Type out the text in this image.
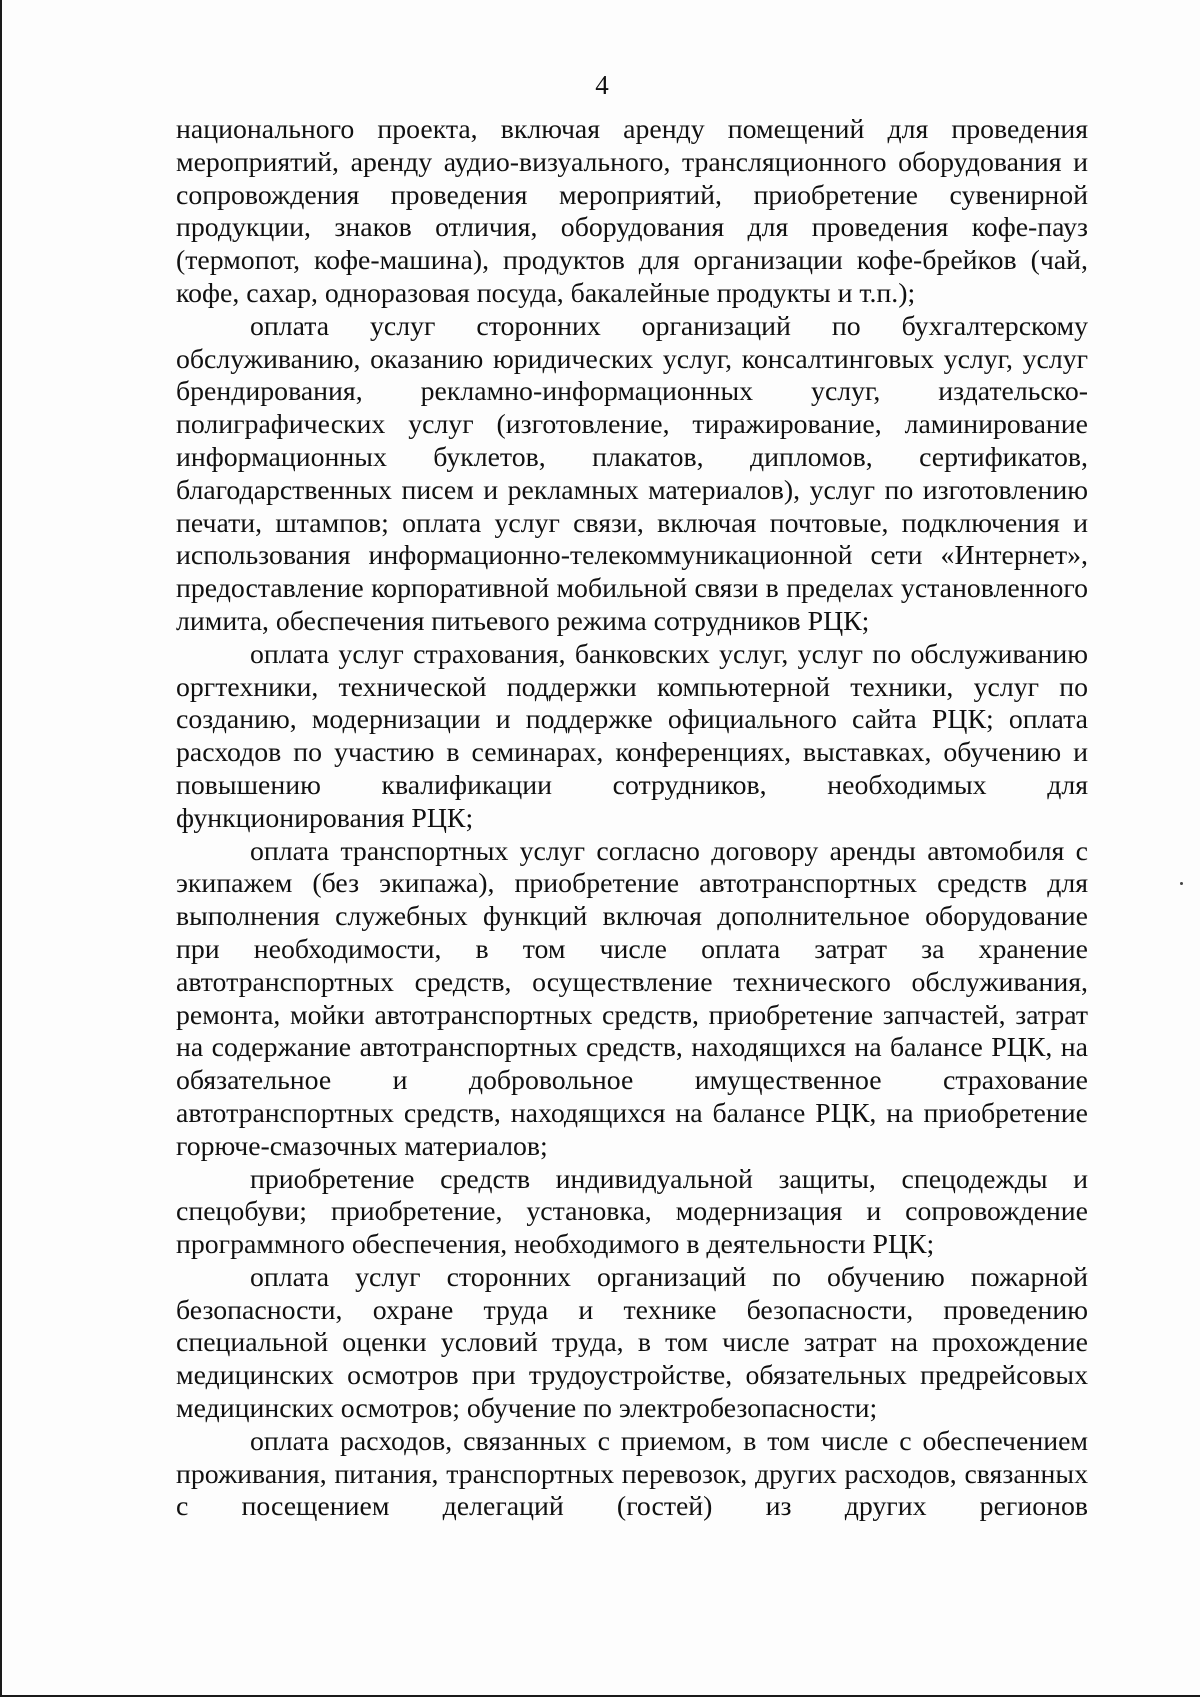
4

национального проекта, включая аренду помещений для проведения мероприятий, аренду аудио-визуального, трансляционного оборудования и сопровождения проведения мероприятий, приобретение сувенирной продукции, знаков отличия, оборудования для проведения кофе-пауз (термопот, кофе-машина), продуктов для организации кофе-брейков (чай, кофе, сахар, одноразовая посуда, бакалейные продукты и т.п.);

оплата услуг сторонних организаций по бухгалтерскому обслуживанию, оказанию юридических услуг, консалтинговых услуг, услуг брендирования, рекламно-информационных услуг, издательско-полиграфических услуг (изготовление, тиражирование, ламинирование информационных буклетов, плакатов, дипломов, сертификатов, благодарственных писем и рекламных материалов), услуг по изготовлению печати, штампов; оплата услуг связи, включая почтовые, подключения и использования информационно-телекоммуникационной сети «Интернет», предоставление корпоративной мобильной связи в пределах установленного лимита, обеспечения питьевого режима сотрудников РЦК;

оплата услуг страхования, банковских услуг, услуг по обслуживанию оргтехники, технической поддержки компьютерной техники, услуг по созданию, модернизации и поддержке официального сайта РЦК; оплата расходов по участию в семинарах, конференциях, выставках, обучению и повышению квалификации сотрудников, необходимых для функционирования РЦК;

оплата транспортных услуг согласно договору аренды автомобиля с экипажем (без экипажа), приобретение автотранспортных средств для выполнения служебных функций включая дополнительное оборудование при необходимости, в том числе оплата затрат за хранение автотранспортных средств, осуществление технического обслуживания, ремонта, мойки автотранспортных средств, приобретение запчастей, затрат на содержание автотранспортных средств, находящихся на балансе РЦК, на обязательное и добровольное имущественное страхование автотранспортных средств, находящихся на балансе РЦК, на приобретение горюче-смазочных материалов;

приобретение средств индивидуальной защиты, спецодежды и спецобуви; приобретение, установка, модернизация и сопровождение программного обеспечения, необходимого в деятельности РЦК;

оплата услуг сторонних организаций по обучению пожарной безопасности, охране труда и технике безопасности, проведению специальной оценки условий труда, в том числе затрат на прохождение медицинских осмотров при трудоустройстве, обязательных предрейсовых медицинских осмотров; обучение по электробезопасности;

оплата расходов, связанных с приемом, в том числе с обеспечением проживания, питания, транспортных перевозок, других расходов, связанных с посещением делегаций (гостей) из других регионов
